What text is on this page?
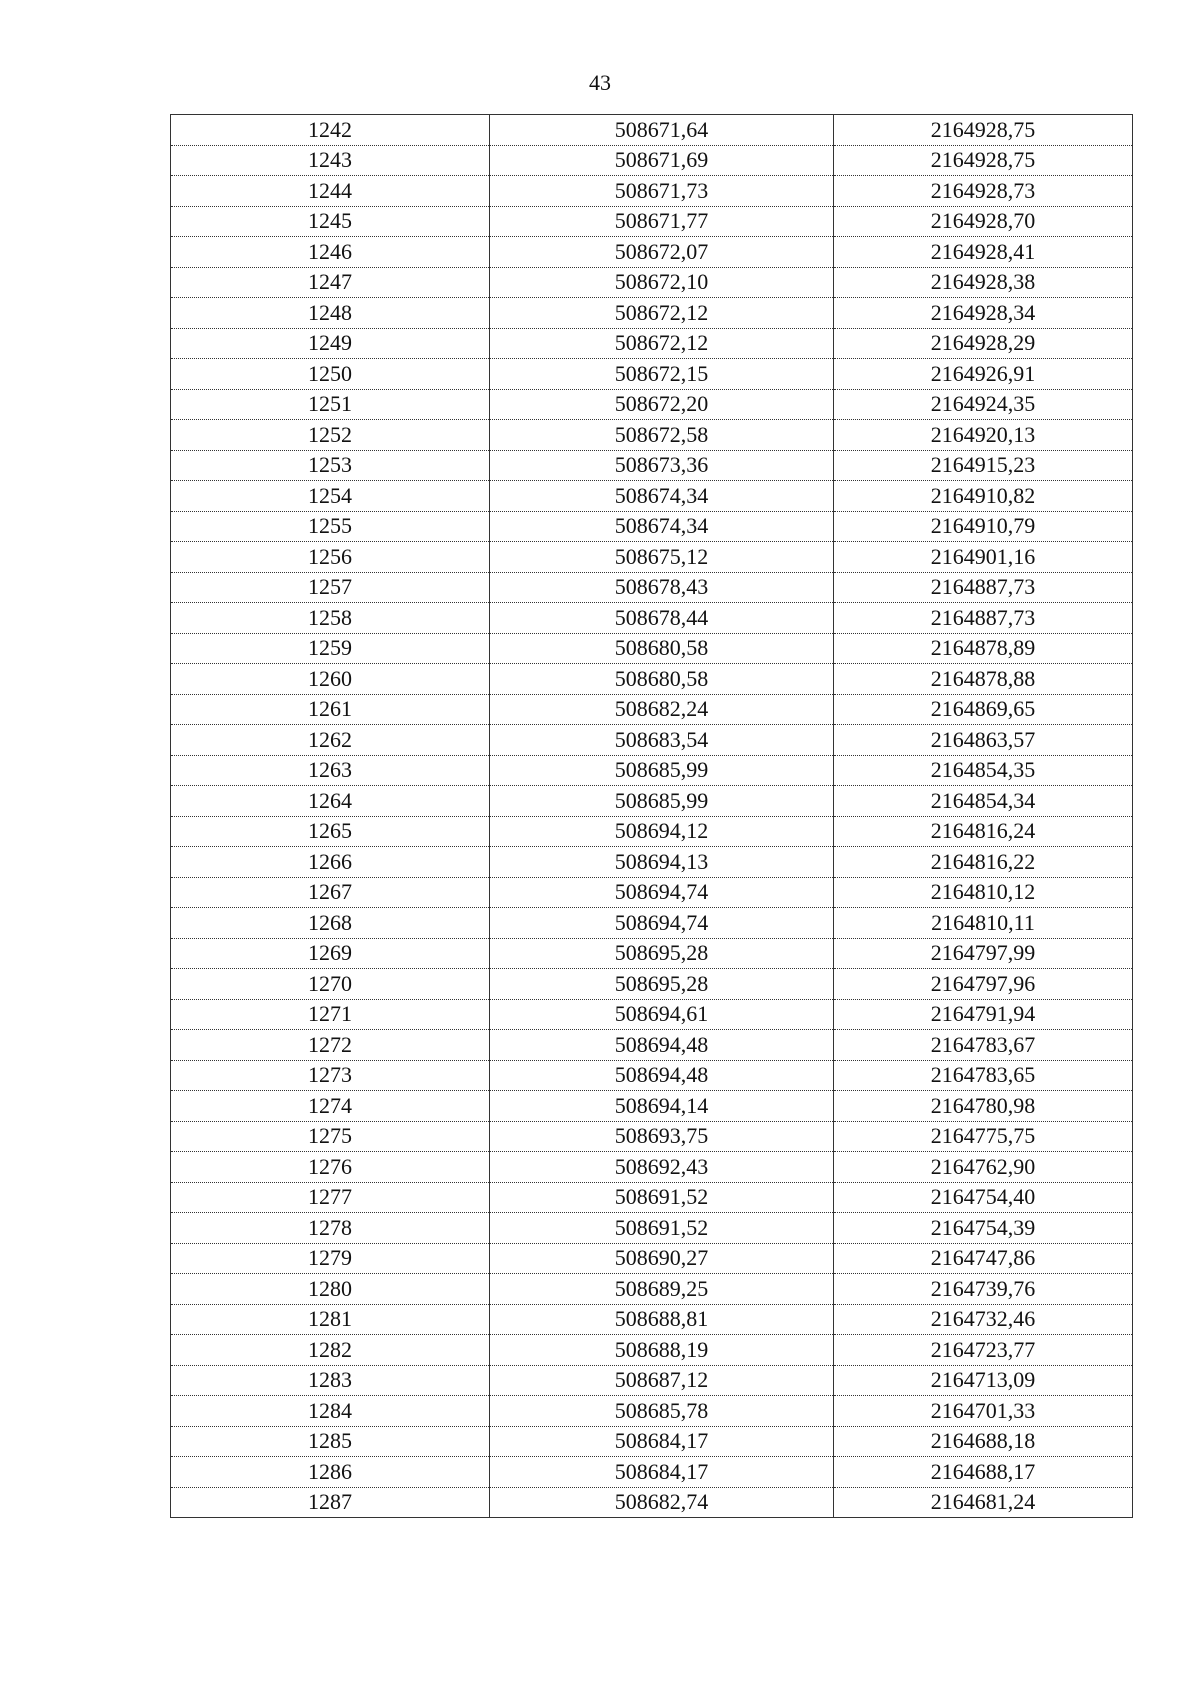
43
1242	508671,64	2164928,75
1243	508671,69	2164928,75
1244	508671,73	2164928,73
1245	508671,77	2164928,70
1246	508672,07	2164928,41
1247	508672,10	2164928,38
1248	508672,12	2164928,34
1249	508672,12	2164928,29
1250	508672,15	2164926,91
1251	508672,20	2164924,35
1252	508672,58	2164920,13
1253	508673,36	2164915,23
1254	508674,34	2164910,82
1255	508674,34	2164910,79
1256	508675,12	2164901,16
1257	508678,43	2164887,73
1258	508678,44	2164887,73
1259	508680,58	2164878,89
1260	508680,58	2164878,88
1261	508682,24	2164869,65
1262	508683,54	2164863,57
1263	508685,99	2164854,35
1264	508685,99	2164854,34
1265	508694,12	2164816,24
1266	508694,13	2164816,22
1267	508694,74	2164810,12
1268	508694,74	2164810,11
1269	508695,28	2164797,99
1270	508695,28	2164797,96
1271	508694,61	2164791,94
1272	508694,48	2164783,67
1273	508694,48	2164783,65
1274	508694,14	2164780,98
1275	508693,75	2164775,75
1276	508692,43	2164762,90
1277	508691,52	2164754,40
1278	508691,52	2164754,39
1279	508690,27	2164747,86
1280	508689,25	2164739,76
1281	508688,81	2164732,46
1282	508688,19	2164723,77
1283	508687,12	2164713,09
1284	508685,78	2164701,33
1285	508684,17	2164688,18
1286	508684,17	2164688,17
1287	508682,74	2164681,24
